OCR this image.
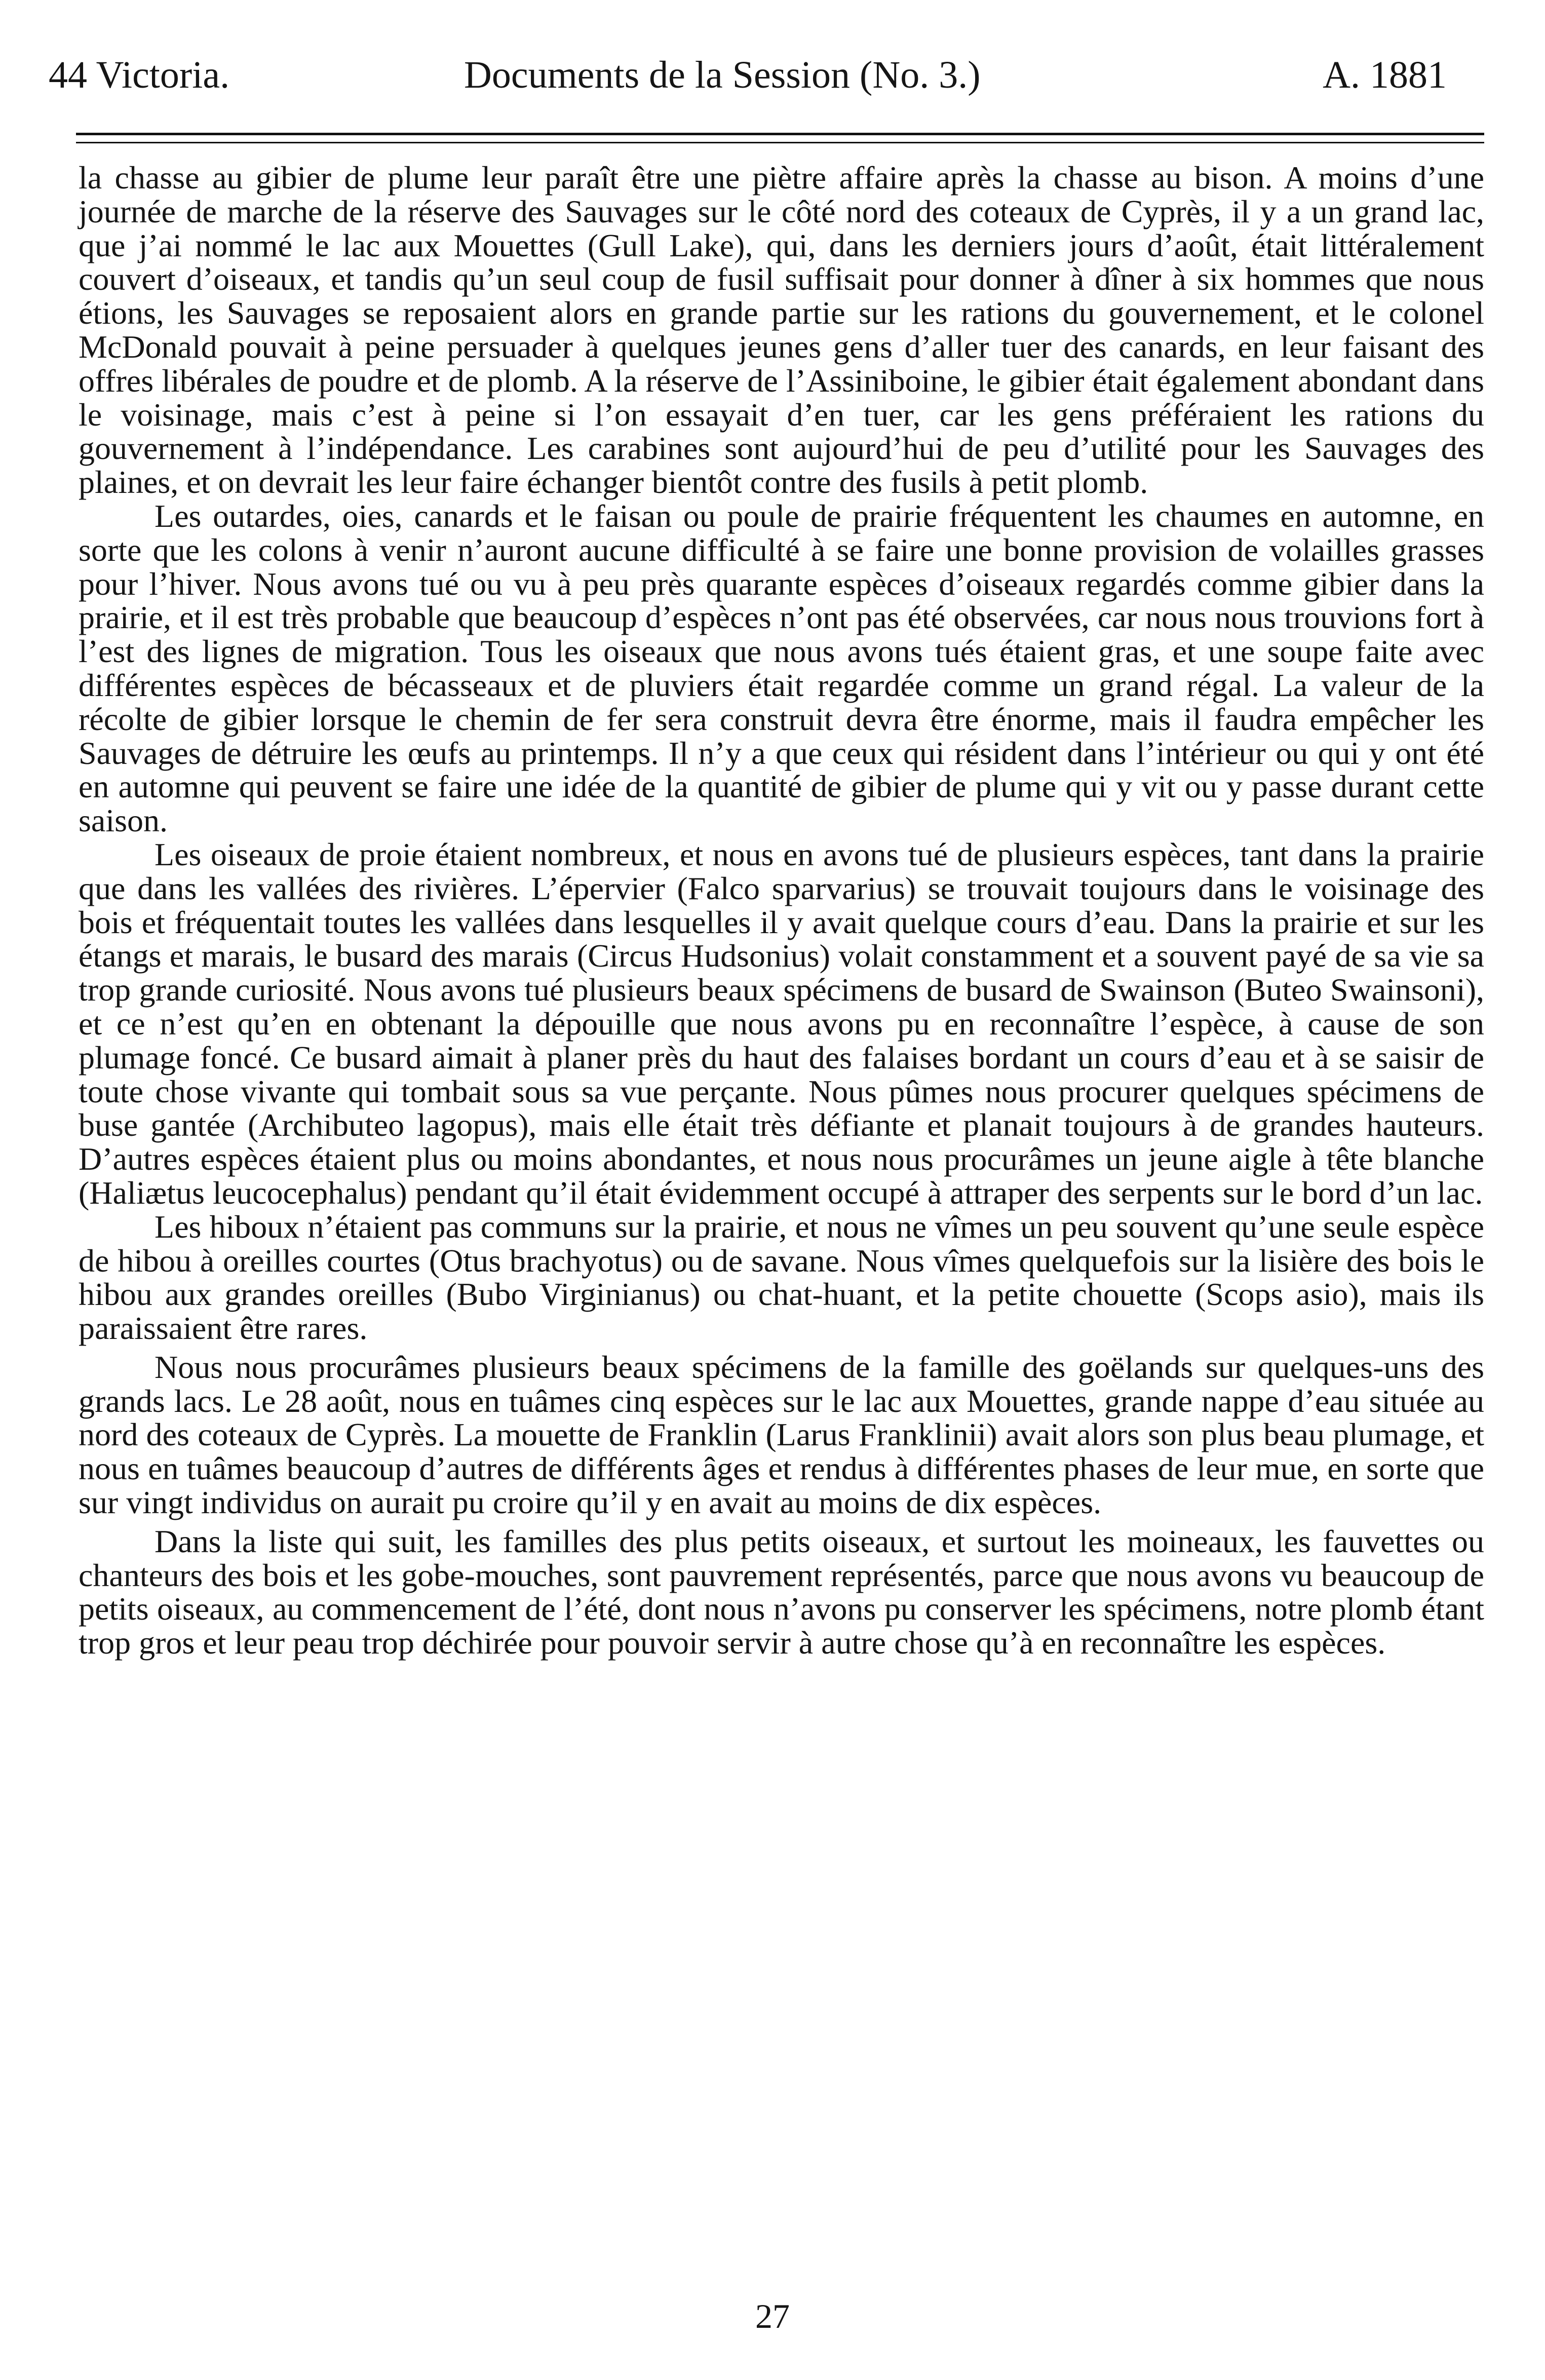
44 Victoria.	Documents de la Session (No. 3.)	A. 1881

la chasse au gibier de plume leur paraît être une piètre affaire après la chasse au bison. A moins d’une journée de marche de la réserve des Sauvages sur le côté nord des coteaux de Cyprès, il y a un grand lac, que j’ai nommé le lac aux Mouettes (Gull Lake), qui, dans les derniers jours d’août, était littéralement couvert d’oiseaux, et tandis qu’un seul coup de fusil suffisait pour donner à dîner à six hommes que nous étions, les Sauvages se reposaient alors en grande partie sur les rations du gouvernement, et le colonel McDonald pouvait à peine persuader à quelques jeunes gens d’aller tuer des canards, en leur faisant des offres libérales de poudre et de plomb. A la réserve de l’Assiniboine, le gibier était également abondant dans le voisinage, mais c’est à peine si l’on essayait d’en tuer, car les gens préféraient les rations du gouvernement à l’indépendance. Les carabines sont aujourd’hui de peu d’utilité pour les Sauvages des plaines, et on devrait les leur faire échanger bientôt contre des fusils à petit plomb.

Les outardes, oies, canards et le faisan ou poule de prairie fréquentent les chaumes en automne, en sorte que les colons à venir n’auront aucune difficulté à se faire une bonne provision de volailles grasses pour l’hiver. Nous avons tué ou vu à peu près quarante espèces d’oiseaux regardés comme gibier dans la prairie, et il est très probable que beaucoup d’espèces n’ont pas été observées, car nous nous trouvions fort à l’est des lignes de migration. Tous les oiseaux que nous avons tués étaient gras, et une soupe faite avec différentes espèces de bécasseaux et de pluviers était regardée comme un grand régal. La valeur de la récolte de gibier lorsque le chemin de fer sera construit devra être énorme, mais il faudra empêcher les Sauvages de détruire les œufs au printemps. Il n’y a que ceux qui résident dans l’intérieur ou qui y ont été en automne qui peuvent se faire une idée de la quantité de gibier de plume qui y vit ou y passe durant cette saison.

Les oiseaux de proie étaient nombreux, et nous en avons tué de plusieurs espèces, tant dans la prairie que dans les vallées des rivières. L’épervier (Falco sparvarius) se trouvait toujours dans le voisinage des bois et fréquentait toutes les vallées dans lesquelles il y avait quelque cours d’eau. Dans la prairie et sur les étangs et marais, le busard des marais (Circus Hudsonius) volait constamment et a souvent payé de sa vie sa trop grande curiosité. Nous avons tué plusieurs beaux spécimens de busard de Swainson (Buteo Swainsoni), et ce n’est qu’en en obtenant la dépouille que nous avons pu en reconnaître l’espèce, à cause de son plumage foncé. Ce busard aimait à planer près du haut des falaises bordant un cours d’eau et à se saisir de toute chose vivante qui tombait sous sa vue perçante. Nous pûmes nous procurer quelques spécimens de buse gantée (Archibuteo lagopus), mais elle était très défiante et planait toujours à de grandes hauteurs. D’autres espèces étaient plus ou moins abondantes, et nous nous procurâmes un jeune aigle à tête blanche (Haliætus leucocephalus) pendant qu’il était évidemment occupé à attraper des serpents sur le bord d’un lac.

Les hiboux n’étaient pas communs sur la prairie, et nous ne vîmes un peu souvent qu’une seule espèce de hibou à oreilles courtes (Otus brachyotus) ou de savane. Nous vîmes quelquefois sur la lisière des bois le hibou aux grandes oreilles (Bubo Virginianus) ou chat-huant, et la petite chouette (Scops asio), mais ils paraissaient être rares.

Nous nous procurâmes plusieurs beaux spécimens de la famille des goëlands sur quelques-uns des grands lacs. Le 28 août, nous en tuâmes cinq espèces sur le lac aux Mouettes, grande nappe d’eau située au nord des coteaux de Cyprès. La mouette de Franklin (Larus Franklinii) avait alors son plus beau plumage, et nous en tuâmes beaucoup d’autres de différents âges et rendus à différentes phases de leur mue, en sorte que sur vingt individus on aurait pu croire qu’il y en avait au moins de dix espèces.

Dans la liste qui suit, les familles des plus petits oiseaux, et surtout les moineaux, les fauvettes ou chanteurs des bois et les gobe-mouches, sont pauvrement représentés, parce que nous avons vu beaucoup de petits oiseaux, au commencement de l’été, dont nous n’avons pu conserver les spécimens, notre plomb étant trop gros et leur peau trop déchirée pour pouvoir servir à autre chose qu’à en reconnaître les espèces.

27
